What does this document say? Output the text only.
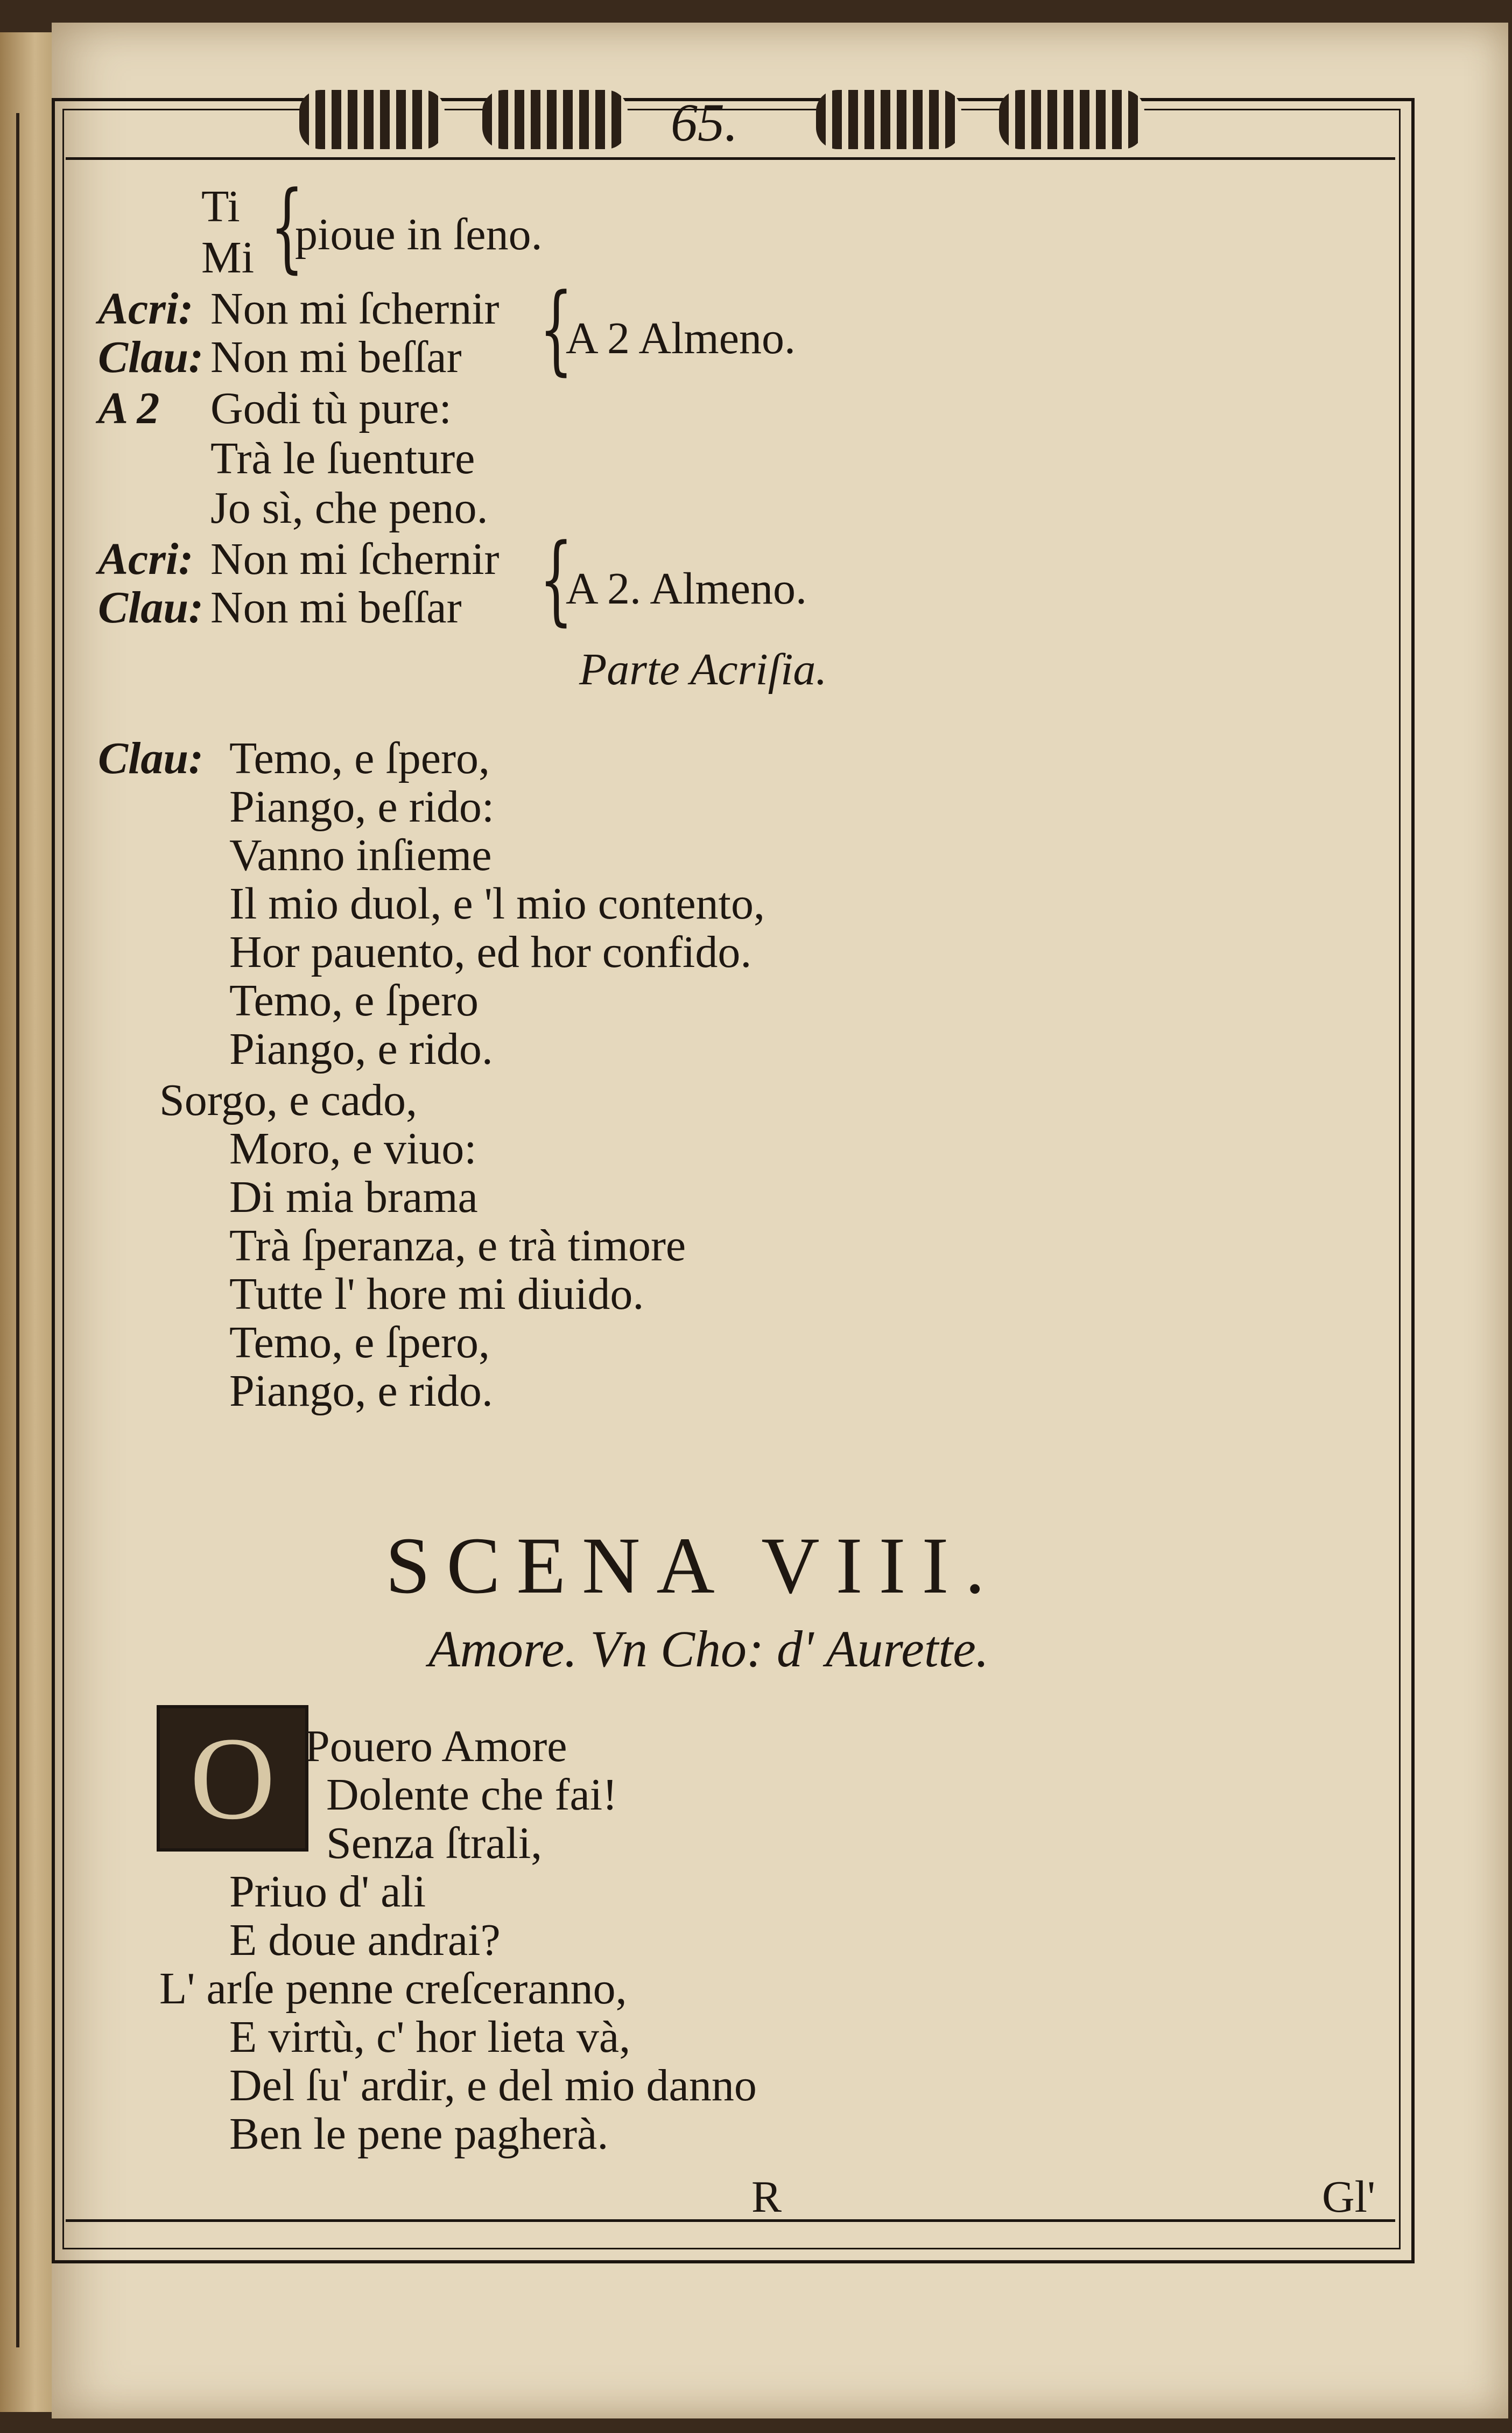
65.
Ti
Mi {
pioue in ſeno.
Acri: Non mi ſchernir
Clau: Non mi beſſar {
A 2 Almeno.
A 2 Godi tù pure:
Trà le ſuenture
Jo sì, che peno.
Acri: Non mi ſchernir
Clau: Non mi beſſar {
A 2. Almeno.
Parte Acriſia.
Clau: Temo, e ſpero,
Piango, e rido:
Vanno inſieme
Il mio duol, e 'l mio contento,
Hor pauento, ed hor confido.
Temo, e ſpero
Piango, e rido.
Sorgo, e cado,
Moro, e viuo:
Di mia brama
Trà ſperanza, e trà timore
Tutte l' hore mi diuido.
Temo, e ſpero,
Piango, e rido.
SCENA VIII.
Amore. Vn Cho: d' Aurette.
O Pouero Amore
Dolente che fai!
Senza ſtrali,
Priuo d' ali
E doue andrai?
L' arſe penne creſceranno,
E virtù, c' hor lieta và,
Del ſu' ardir, e del mio danno
Ben le pene pagherà.
R	Gl'
